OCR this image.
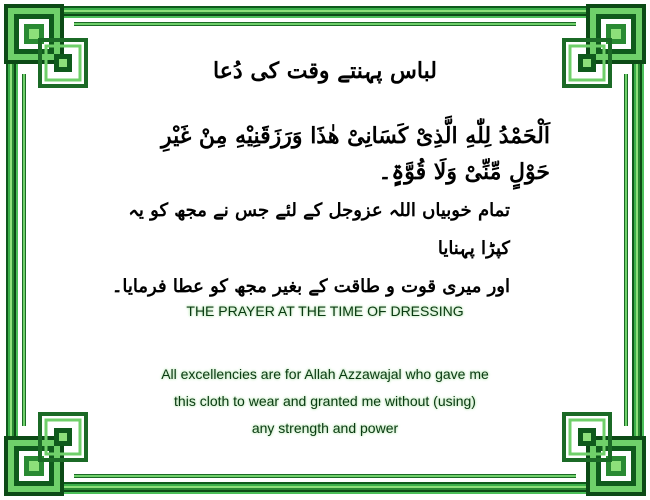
لباس پہنتے وقت کی دُعا
اَلْحَمْدُ لِلّٰهِ الَّذِیْ كَسَانِیْ هٰذَا وَرَزَقَنِیْهِ مِنْ غَیْرِ
حَوْلٍ مِّنِّیْ وَلَا قُوَّۃٍ۔
تمام خوبیاں اللہ عزوجل کے لئے جس نے مجھ کو یہ کپڑا پہنایا
اور میری قوت و طاقت کے بغیر مجھ کو عطا فرمایا۔
THE PRAYER AT THE TIME OF DRESSING
All excellencies are for Allah Azzawajal who gave me
this cloth to wear and granted me without (using)
any strength and power
